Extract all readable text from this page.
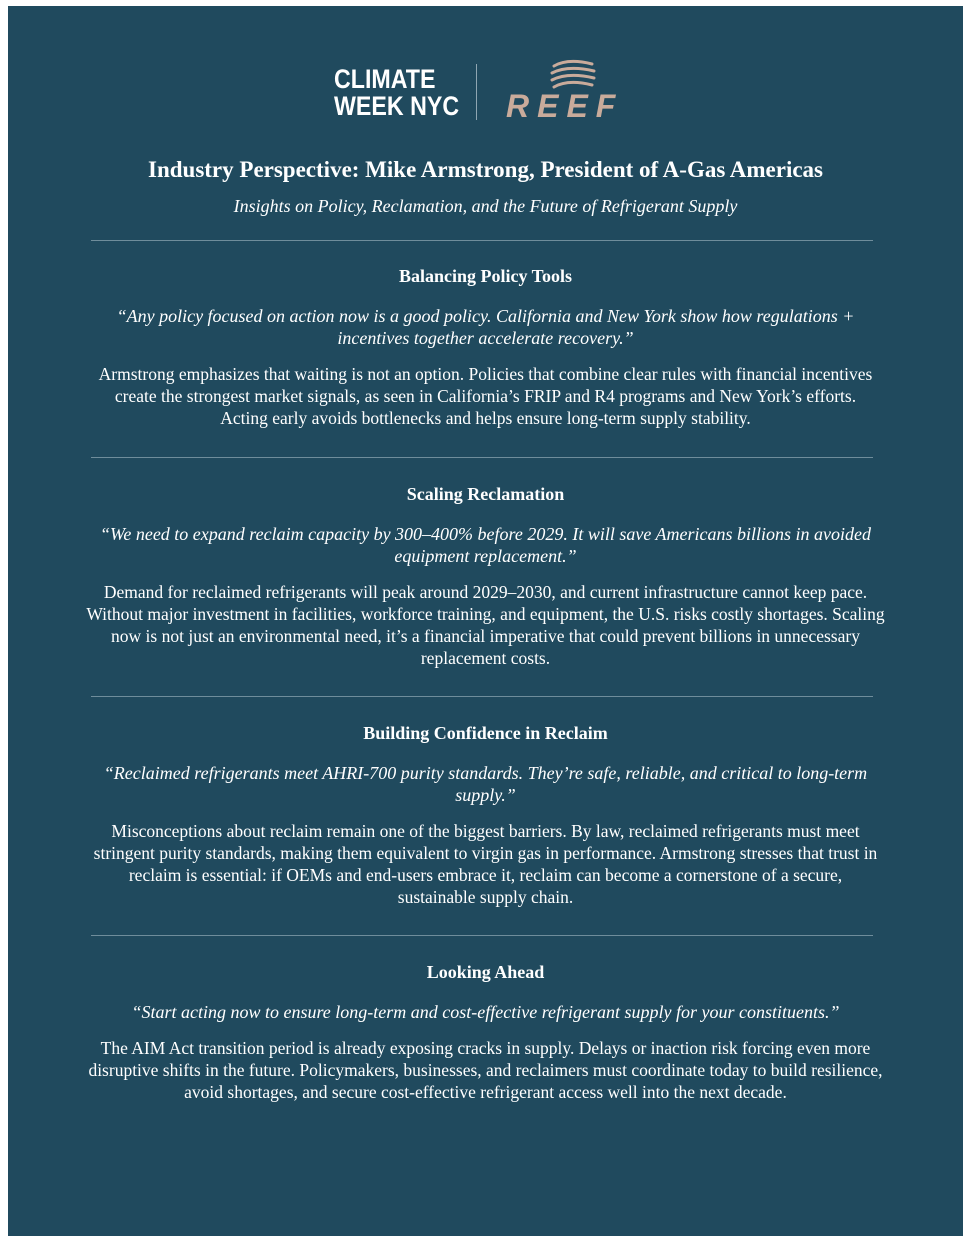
CLIMATE
WEEK NYC REEF
Industry Perspective: Mike Armstrong, President of A-Gas Americas
Insights on Policy, Reclamation, and the Future of Refrigerant Supply
Balancing Policy Tools
“Any policy focused on action now is a good policy. California and New York show how regulations + incentives together accelerate recovery.”
Armstrong emphasizes that waiting is not an option. Policies that combine clear rules with financial incentives create the strongest market signals, as seen in California’s FRIP and R4 programs and New York’s efforts. Acting early avoids bottlenecks and helps ensure long-term supply stability.
Scaling Reclamation
“We need to expand reclaim capacity by 300–400% before 2029. It will save Americans billions in avoided equipment replacement.”
Demand for reclaimed refrigerants will peak around 2029–2030, and current infrastructure cannot keep pace. Without major investment in facilities, workforce training, and equipment, the U.S. risks costly shortages. Scaling now is not just an environmental need, it’s a financial imperative that could prevent billions in unnecessary replacement costs.
Building Confidence in Reclaim
“Reclaimed refrigerants meet AHRI-700 purity standards. They’re safe, reliable, and critical to long-term supply.”
Misconceptions about reclaim remain one of the biggest barriers. By law, reclaimed refrigerants must meet stringent purity standards, making them equivalent to virgin gas in performance. Armstrong stresses that trust in reclaim is essential: if OEMs and end-users embrace it, reclaim can become a cornerstone of a secure, sustainable supply chain.
Looking Ahead
“Start acting now to ensure long-term and cost-effective refrigerant supply for your constituents.”
The AIM Act transition period is already exposing cracks in supply. Delays or inaction risk forcing even more disruptive shifts in the future. Policymakers, businesses, and reclaimers must coordinate today to build resilience, avoid shortages, and secure cost-effective refrigerant access well into the next decade.
